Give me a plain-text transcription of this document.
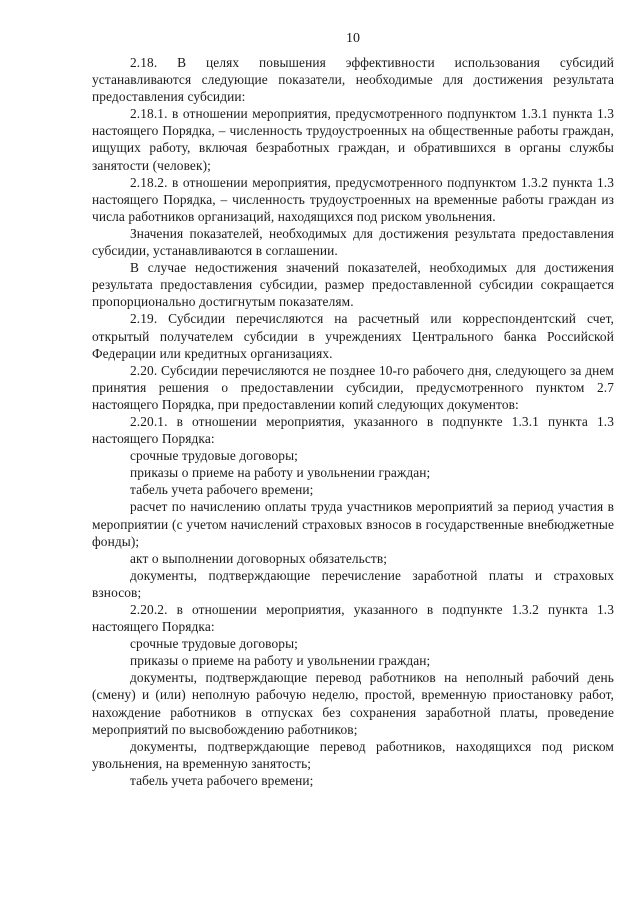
10

2.18. В целях повышения эффективности использования субсидий устанавливаются следующие показатели, необходимые для достижения результата предоставления субсидии:

2.18.1. в отношении мероприятия, предусмотренного подпунктом 1.3.1 пункта 1.3 настоящего Порядка, – численность трудоустроенных на общественные работы граждан, ищущих работу, включая безработных граждан, и обратившихся в органы службы занятости (человек);

2.18.2. в отношении мероприятия, предусмотренного подпунктом 1.3.2 пункта 1.3 настоящего Порядка, – численность трудоустроенных на временные работы граждан из числа работников организаций, находящихся под риском увольнения.

Значения показателей, необходимых для достижения результата предоставления субсидии, устанавливаются в соглашении.

В случае недостижения значений показателей, необходимых для достижения результата предоставления субсидии, размер предоставленной субсидии сокращается пропорционально достигнутым показателям.

2.19. Субсидии перечисляются на расчетный или корреспондентский счет, открытый получателем субсидии в учреждениях Центрального банка Российской Федерации или кредитных организациях.

2.20. Субсидии перечисляются не позднее 10-го рабочего дня, следующего за днем принятия решения о предоставлении субсидии, предусмотренного пунктом 2.7 настоящего Порядка, при предоставлении копий следующих документов:

2.20.1. в отношении мероприятия, указанного в подпункте 1.3.1 пункта 1.3 настоящего Порядка:

срочные трудовые договоры;

приказы о приеме на работу и увольнении граждан;

табель учета рабочего времени;

расчет по начислению оплаты труда участников мероприятий за период участия в мероприятии (с учетом начислений страховых взносов в государственные внебюджетные фонды);

акт о выполнении договорных обязательств;

документы, подтверждающие перечисление заработной платы и страховых взносов;

2.20.2. в отношении мероприятия, указанного в подпункте 1.3.2 пункта 1.3 настоящего Порядка:

срочные трудовые договоры;

приказы о приеме на работу и увольнении граждан;

документы, подтверждающие перевод работников на неполный рабочий день (смену) и (или) неполную рабочую неделю, простой, временную приостановку работ, нахождение работников в отпусках без сохранения заработной платы, проведение мероприятий по высвобождению работников;

документы, подтверждающие перевод работников, находящихся под риском увольнения, на временную занятость;

табель учета рабочего времени;
